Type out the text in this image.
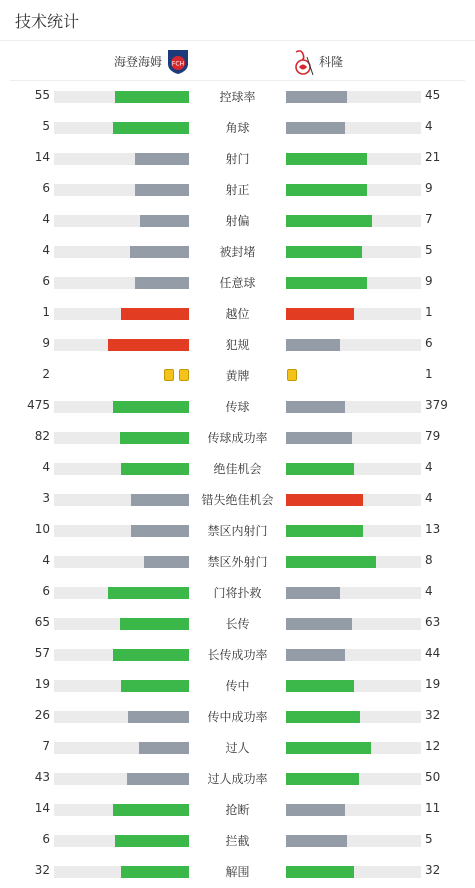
技术统计
海登海姆 FCH	科隆
55	控球率	45
5	角球	4
14	射门	21
6	射正	9
4	射偏	7
4	被封堵	5
6	任意球	9
1	越位	1
9	犯规	6
2	黄牌	1
475	传球	379
82	传球成功率	79
4	绝佳机会	4
3	错失绝佳机会	4
10	禁区内射门	13
4	禁区外射门	8
6	门将扑救	4
65	长传	63
57	长传成功率	44
19	传中	19
26	传中成功率	32
7	过人	12
43	过人成功率	50
14	抢断	11
6	拦截	5
32	解围	32
